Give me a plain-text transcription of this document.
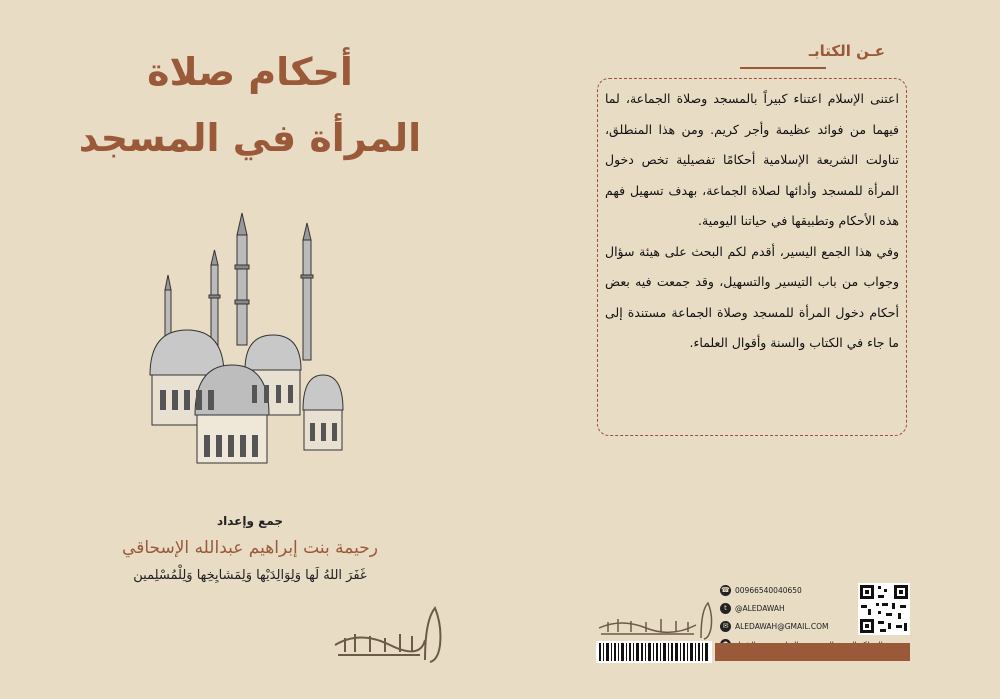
أحكام صلاة
المرأة في المسجد
جمع وإعداد
رحيمة بنت إبراهيم عبدالله الإسحاقي
غَفَرَ اللهُ لَها وَلِوَالِدَيْها وَلِمَشايِخِها وَلِلْمُسْلِمين
عـن الكتابـ

اعتنى الإسلام اعتناء كبيراً بالمسجد وصلاة الجماعة، لما فيهما من فوائد عظيمة وأجر كريم. ومن هذا المنطلق، تناولت الشريعة الإسلامية أحكامًا تفصيلية تخص دخول المرأة للمسجد وأدائها لصلاة الجماعة، بهدف تسهيل فهم هذه الأحكام وتطبيقها في حياتنا اليومية.

وفي هذا الجمع اليسير، أقدم لكم البحث على هيئة سؤال وجواب من باب التيسير والتسهيل، وقد جمعت فيه بعض أحكام دخول المرأة للمسجد وصلاة الجماعة مستندة إلى ما جاء في الكتاب والسنة وأقوال العلماء.

☎ 00966540040650
t	@ALEDAWAH
✉ ALEDAWAH@GMAIL.COM
